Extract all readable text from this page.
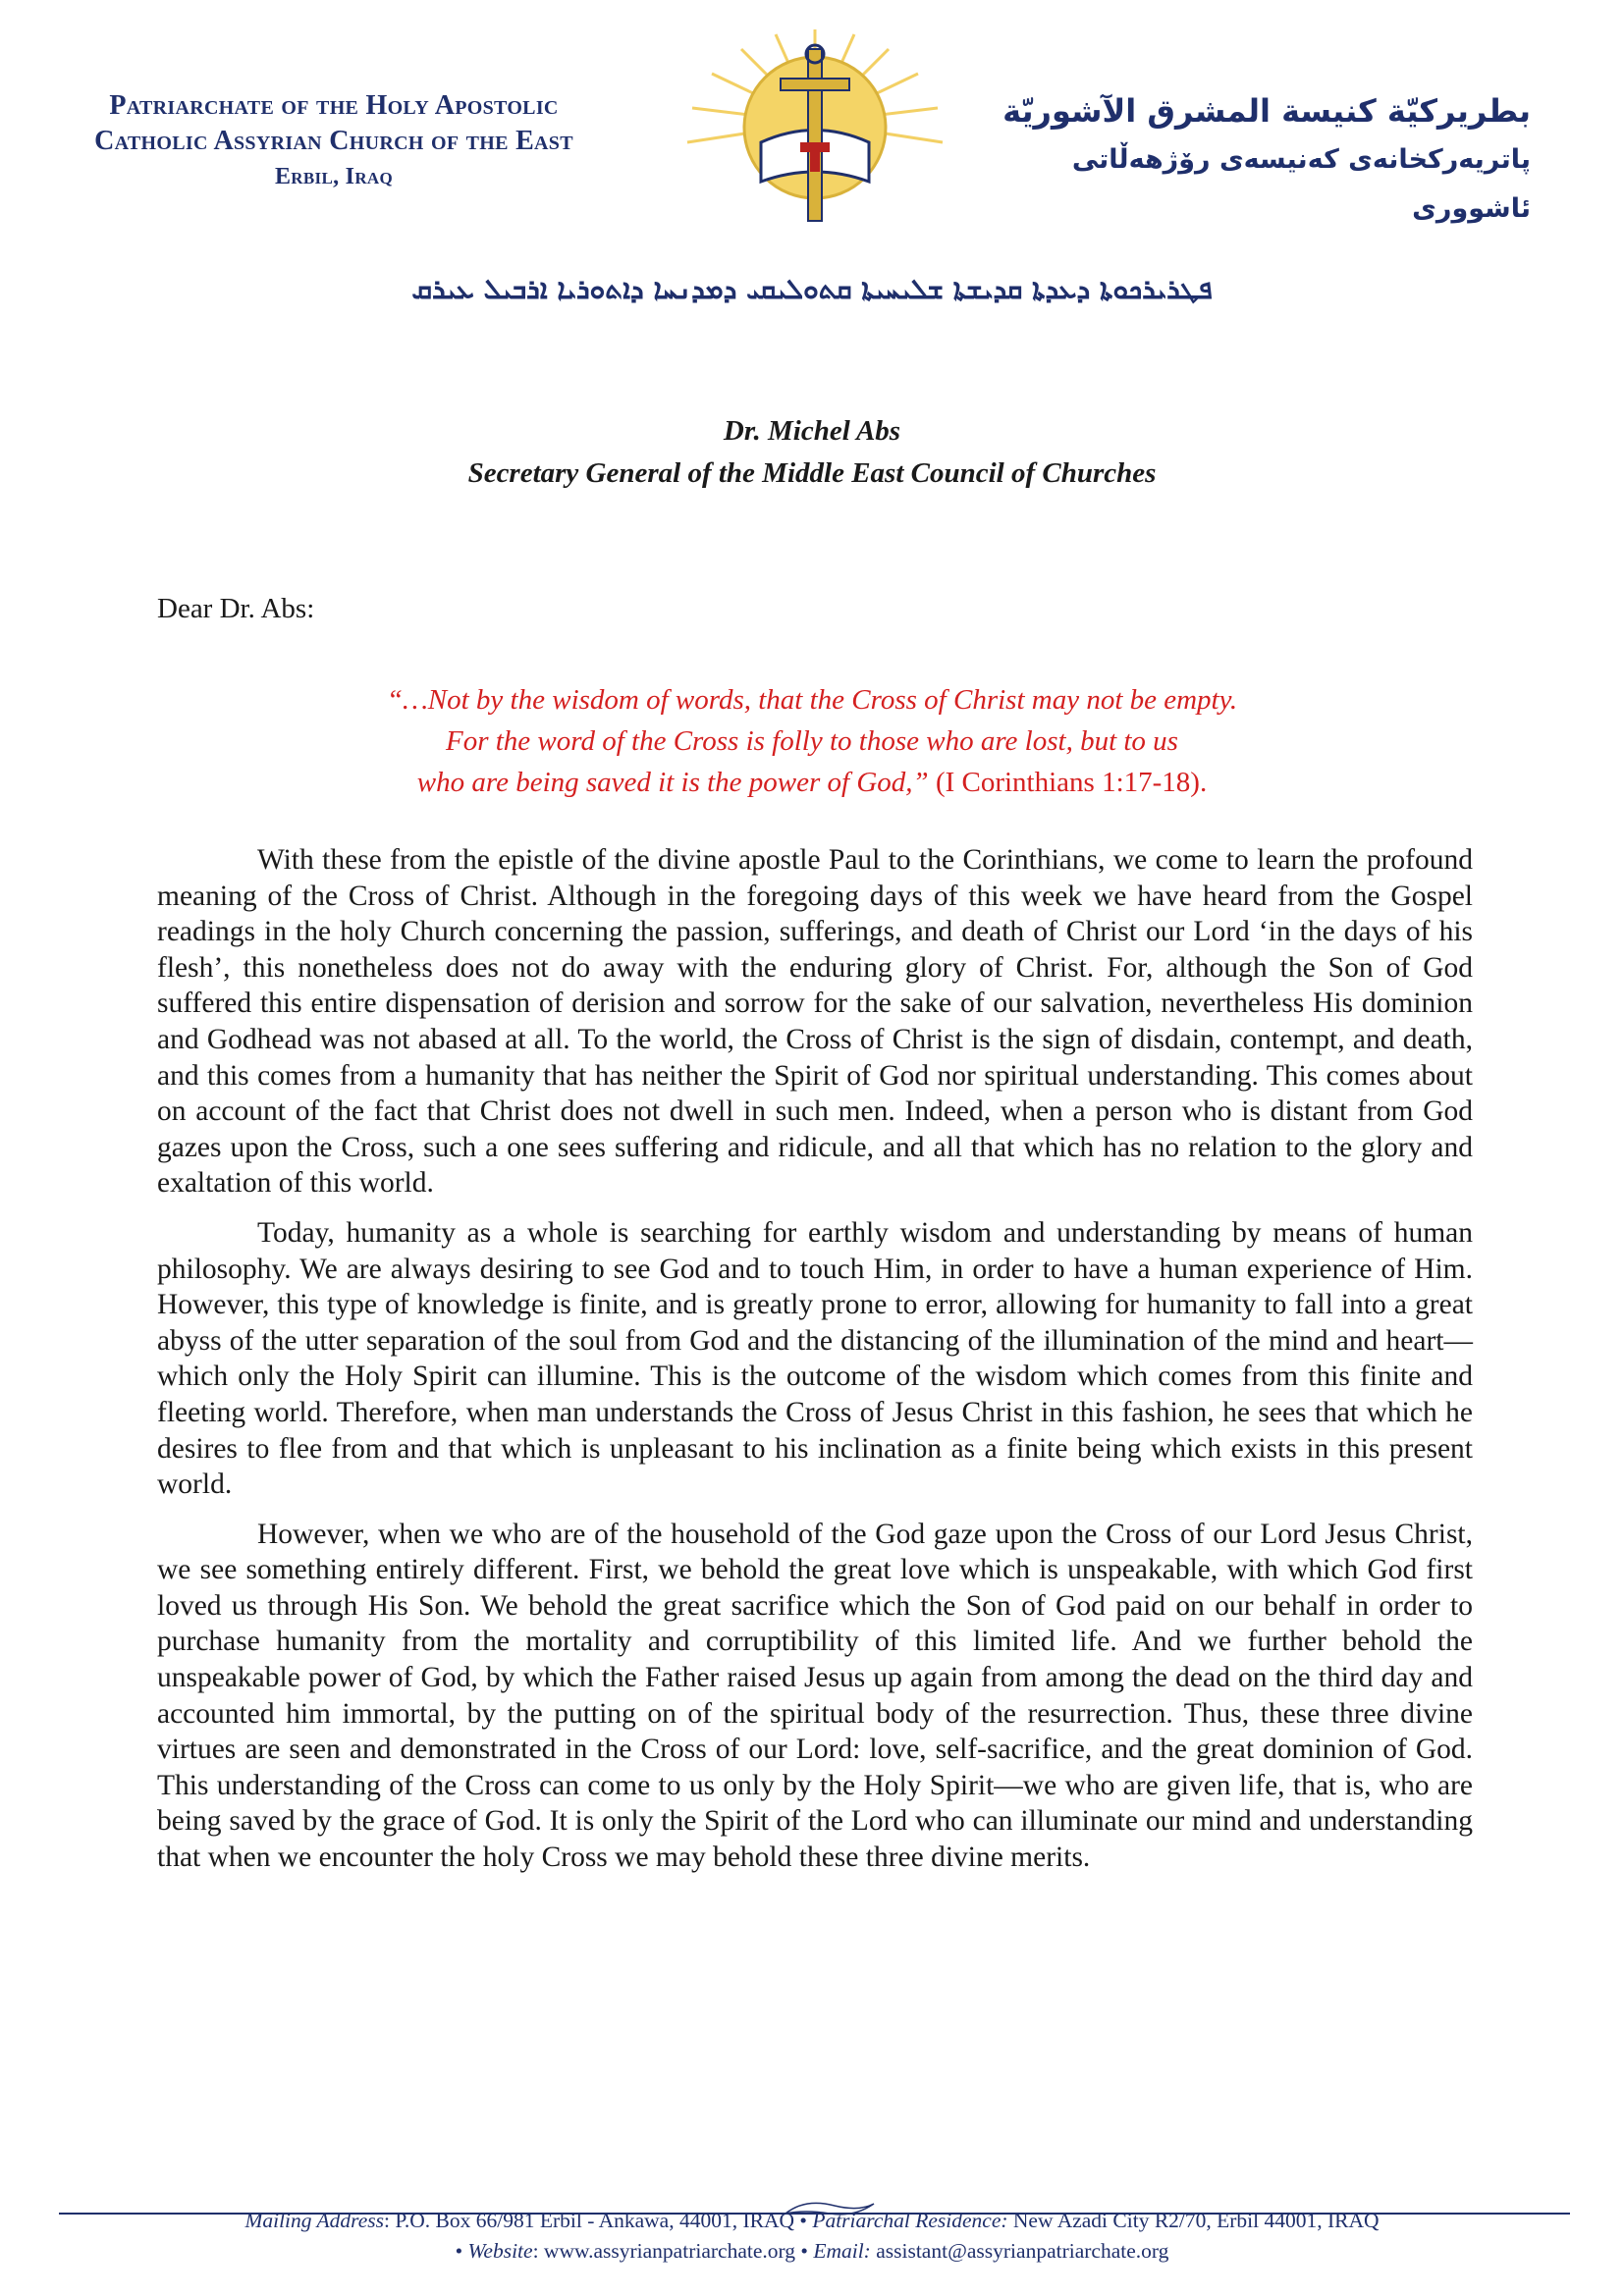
Patriarchate of the Holy Apostolic
Catholic Assyrian Church of the East
Erbil, Iraq
بطريركيّة كنيسة المشرق الآشوريّة
پاتریەرکخانەی کەنیسەی رۆژهەڵاتی ئاشووری
ܦܛܪܝܪܟܘܬܐ ܕܥܕܬܐ ܩܕܝܫܬܐ ܫܠܝܚܝܬܐ ܩܬܘܠܝܩܝ ܕܡܕܢܚܐ ܕܐܬܘܪܝܐ ܐܪܒܝܠ ܥܝܪܩ
Dr. Michel Abs
Secretary General of the Middle East Council of Churches
Dear Dr. Abs:
“…Not by the wisdom of words, that the Cross of Christ may not be empty.
For the word of the Cross is folly to those who are lost, but to us
who are being saved it is the power of God,” (I Corinthians 1:17-18).

With these from the epistle of the divine apostle Paul to the Corinthians, we come to learn the profound meaning of the Cross of Christ. Although in the foregoing days of this week we have heard from the Gospel readings in the holy Church concerning the passion, sufferings, and death of Christ our Lord ‘in the days of his flesh’, this nonetheless does not do away with the enduring glory of Christ. For, although the Son of God suffered this entire dispensation of derision and sorrow for the sake of our salvation, nevertheless His dominion and Godhead was not abased at all. To the world, the Cross of Christ is the sign of disdain, contempt, and death, and this comes from a humanity that has neither the Spirit of God nor spiritual understanding. This comes about on account of the fact that Christ does not dwell in such men. Indeed, when a person who is distant from God gazes upon the Cross, such a one sees suffering and ridicule, and all that which has no relation to the glory and exaltation of this world.

Today, humanity as a whole is searching for earthly wisdom and understanding by means of human philosophy. We are always desiring to see God and to touch Him, in order to have a human experience of Him. However, this type of knowledge is finite, and is greatly prone to error, allowing for humanity to fall into a great abyss of the utter separation of the soul from God and the distancing of the illumination of the mind and heart—which only the Holy Spirit can illumine. This is the outcome of the wisdom which comes from this finite and fleeting world. Therefore, when man understands the Cross of Jesus Christ in this fashion, he sees that which he desires to flee from and that which is unpleasant to his inclination as a finite being which exists in this present world.

However, when we who are of the household of the God gaze upon the Cross of our Lord Jesus Christ, we see something entirely different. First, we behold the great love which is unspeakable, with which God first loved us through His Son. We behold the great sacrifice which the Son of God paid on our behalf in order to purchase humanity from the mortality and corruptibility of this limited life. And we further behold the unspeakable power of God, by which the Father raised Jesus up again from among the dead on the third day and accounted him immortal, by the putting on of the spiritual body of the resurrection. Thus, these three divine virtues are seen and demonstrated in the Cross of our Lord: love, self-sacrifice, and the great dominion of God. This understanding of the Cross can come to us only by the Holy Spirit—we who are given life, that is, who are being saved by the grace of God. It is only the Spirit of the Lord who can illuminate our mind and understanding that when we encounter the holy Cross we may behold these three divine merits.

Mailing Address: P.O. Box 66/981 Erbil - Ankawa, 44001, IRAQ • Patriarchal Residence: New Azadi City R2/70, Erbil 44001, IRAQ
• Website: www.assyrianpatriarchate.org • Email: assistant@assyrianpatriarchate.org
